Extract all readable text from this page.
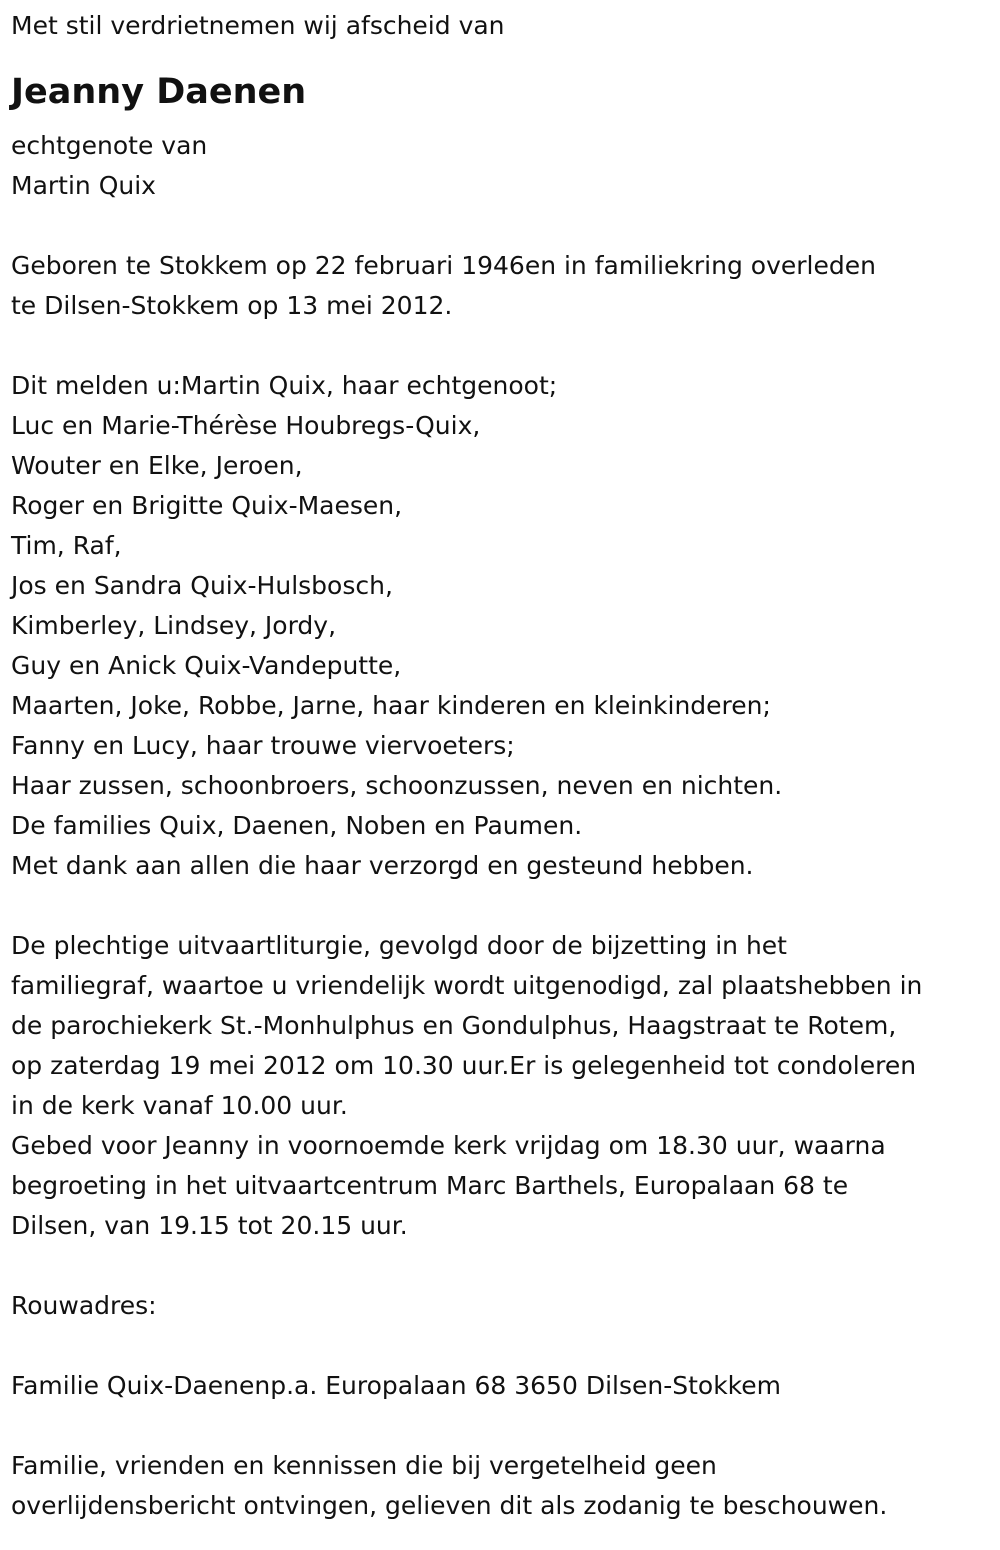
Met stil verdrietnemen wij afscheid van
Jeanny Daenen
echtgenote van
Martin Quix
Geboren te Stokkem op 22 februari 1946en in familiekring overleden
te Dilsen-Stokkem op 13 mei 2012.
Dit melden u:Martin Quix, haar echtgenoot;
Luc en Marie-Thérèse Houbregs-Quix,
Wouter en Elke, Jeroen,
Roger en Brigitte Quix-Maesen,
Tim, Raf,
Jos en Sandra Quix-Hulsbosch,
Kimberley, Lindsey, Jordy,
Guy en Anick Quix-Vandeputte,
Maarten, Joke, Robbe, Jarne, haar kinderen en kleinkinderen;
Fanny en Lucy, haar trouwe viervoeters;
Haar zussen, schoonbroers, schoonzussen, neven en nichten.
De families Quix, Daenen, Noben en Paumen.
Met dank aan allen die haar verzorgd en gesteund hebben.
De plechtige uitvaartliturgie, gevolgd door de bijzetting in het
familiegraf, waartoe u vriendelijk wordt uitgenodigd, zal plaatshebben in
de parochiekerk St.-Monhulphus en Gondulphus, Haagstraat te Rotem,
op zaterdag 19 mei 2012 om 10.30 uur.Er is gelegenheid tot condoleren
in de kerk vanaf 10.00 uur.
Gebed voor Jeanny in voornoemde kerk vrijdag om 18.30 uur, waarna
begroeting in het uitvaartcentrum Marc Barthels, Europalaan 68 te
Dilsen, van 19.15 tot 20.15 uur.
Rouwadres:
Familie Quix-Daenenp.a. Europalaan 68 3650 Dilsen-Stokkem
Familie, vrienden en kennissen die bij vergetelheid geen
overlijdensbericht ontvingen, gelieven dit als zodanig te beschouwen.
